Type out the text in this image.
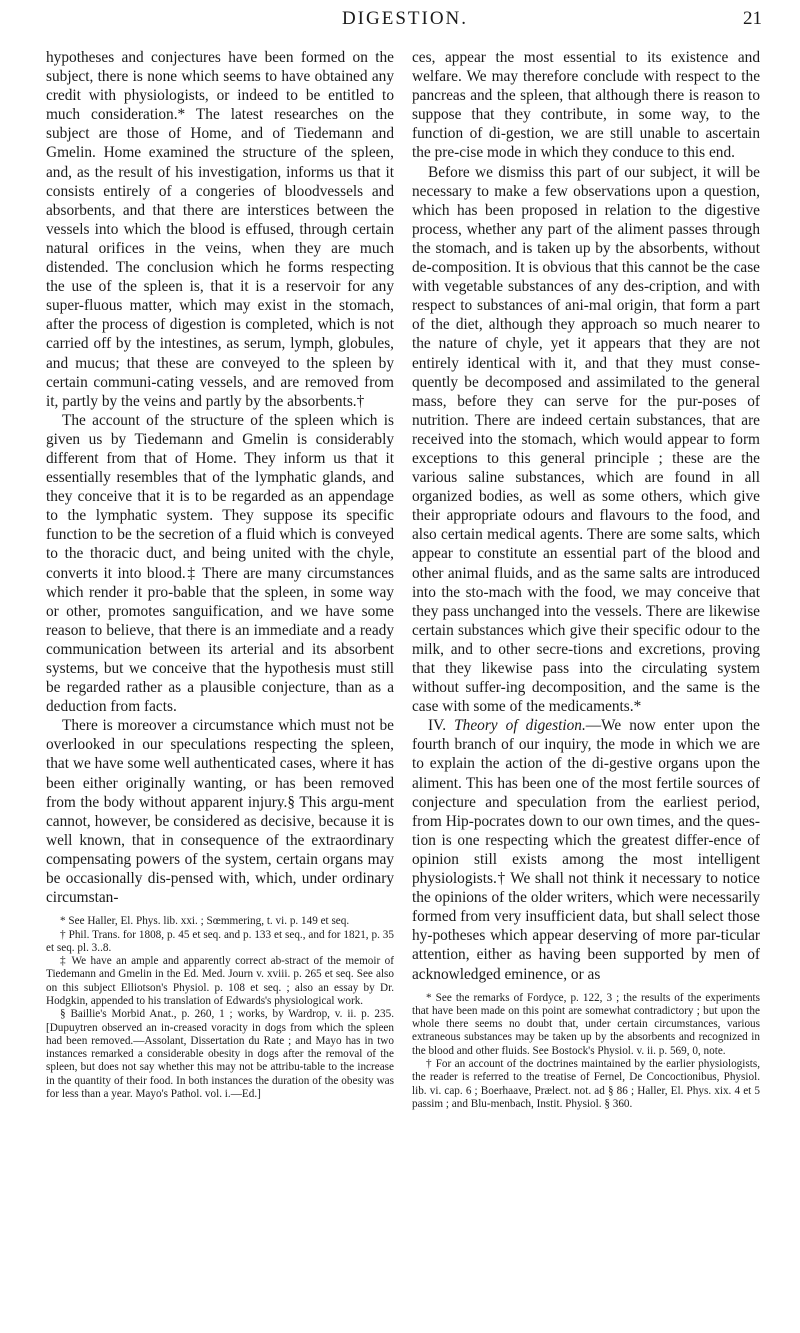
DIGESTION.	21

hypotheses and conjectures have been formed on the subject, there is none which seems to have obtained any credit with physiologists, or indeed to be entitled to much consideration.* The latest researches on the subject are those of Home, and of Tiedemann and Gmelin. Home examined the structure of the spleen, and, as the result of his investigation, informs us that it consists entirely of a congeries of bloodvessels and absorbents, and that there are interstices between the vessels into which the blood is effused, through certain natural orifices in the veins, when they are much distended. The conclusion which he forms respecting the use of the spleen is, that it is a reservoir for any super-fluous matter, which may exist in the stomach, after the process of digestion is completed, which is not carried off by the intestines, as serum, lymph, globules, and mucus; that these are conveyed to the spleen by certain communi-cating vessels, and are removed from it, partly by the veins and partly by the absorbents.†

The account of the structure of the spleen which is given us by Tiedemann and Gmelin is considerably different from that of Home. They inform us that it essentially resembles that of the lymphatic glands, and they conceive that it is to be regarded as an appendage to the lymphatic system. They suppose its specific function to be the secretion of a fluid which is conveyed to the thoracic duct, and being united with the chyle, converts it into blood.‡ There are many circumstances which render it pro-bable that the spleen, in some way or other, promotes sanguification, and we have some reason to believe, that there is an immediate and a ready communication between its arterial and its absorbent systems, but we conceive that the hypothesis must still be regarded rather as a plausible conjecture, than as a deduction from facts.

There is moreover a circumstance which must not be overlooked in our speculations respecting the spleen, that we have some well authenticated cases, where it has been either originally wanting, or has been removed from the body without apparent injury.§ This argu-ment cannot, however, be considered as decisive, because it is well known, that in consequence of the extraordinary compensating powers of the system, certain organs may be occasionally dis-pensed with, which, under ordinary circumstan-

* See Haller, El. Phys. lib. xxi. ; Sœmmering, t. vi. p. 149 et seq.

† Phil. Trans. for 1808, p. 45 et seq. and p. 133 et seq., and for 1821, p. 35 et seq. pl. 3..8.

‡ We have an ample and apparently correct ab-stract of the memoir of Tiedemann and Gmelin in the Ed. Med. Journ v. xviii. p. 265 et seq. See also on this subject Elliotson's Physiol. p. 108 et seq. ; also an essay by Dr. Hodgkin, appended to his translation of Edwards's physiological work.

§ Baillie's Morbid Anat., p. 260, 1 ; works, by Wardrop, v. ii. p. 235. [Dupuytren observed an in-creased voracity in dogs from which the spleen had been removed.—Assolant, Dissertation du Rate ; and Mayo has in two instances remarked a considerable obesity in dogs after the removal of the spleen, but does not say whether this may not be attribu-table to the increase in the quantity of their food. In both instances the duration of the obesity was for less than a year. Mayo's Pathol. vol. i.—Ed.]

ces, appear the most essential to its existence and welfare. We may therefore conclude with respect to the pancreas and the spleen, that although there is reason to suppose that they contribute, in some way, to the function of di-gestion, we are still unable to ascertain the pre-cise mode in which they conduce to this end.

Before we dismiss this part of our subject, it will be necessary to make a few observations upon a question, which has been proposed in relation to the digestive process, whether any part of the aliment passes through the stomach, and is taken up by the absorbents, without de-composition. It is obvious that this cannot be the case with vegetable substances of any des-cription, and with respect to substances of ani-mal origin, that form a part of the diet, although they approach so much nearer to the nature of chyle, yet it appears that they are not entirely identical with it, and that they must conse-quently be decomposed and assimilated to the general mass, before they can serve for the pur-poses of nutrition. There are indeed certain substances, that are received into the stomach, which would appear to form exceptions to this general principle ; these are the various saline substances, which are found in all organized bodies, as well as some others, which give their appropriate odours and flavours to the food, and also certain medical agents. There are some salts, which appear to constitute an essential part of the blood and other animal fluids, and as the same salts are introduced into the sto-mach with the food, we may conceive that they pass unchanged into the vessels. There are likewise certain substances which give their specific odour to the milk, and to other secre-tions and excretions, proving that they likewise pass into the circulating system without suffer-ing decomposition, and the same is the case with some of the medicaments.*

IV. Theory of digestion.—We now enter upon the fourth branch of our inquiry, the mode in which we are to explain the action of the di-gestive organs upon the aliment. This has been one of the most fertile sources of conjecture and speculation from the earliest period, from Hip-pocrates down to our own times, and the ques-tion is one respecting which the greatest differ-ence of opinion still exists among the most intelligent physiologists.† We shall not think it necessary to notice the opinions of the older writers, which were necessarily formed from very insufficient data, but shall select those hy-potheses which appear deserving of more par-ticular attention, either as having been supported by men of acknowledged eminence, or as

* See the remarks of Fordyce, p. 122, 3 ; the results of the experiments that have been made on this point are somewhat contradictory ; but upon the whole there seems no doubt that, under certain circumstances, various extraneous substances may be taken up by the absorbents and recognized in the blood and other fluids. See Bostock's Physiol. v. ii. p. 569, 0, note.

† For an account of the doctrines maintained by the earlier physiologists, the reader is referred to the treatise of Fernel, De Concoctionibus, Physiol. lib. vi. cap. 6 ; Boerhaave, Prælect. not. ad § 86 ; Haller, El. Phys. xix. 4 et 5 passim ; and Blu-menbach, Instit. Physiol. § 360.
